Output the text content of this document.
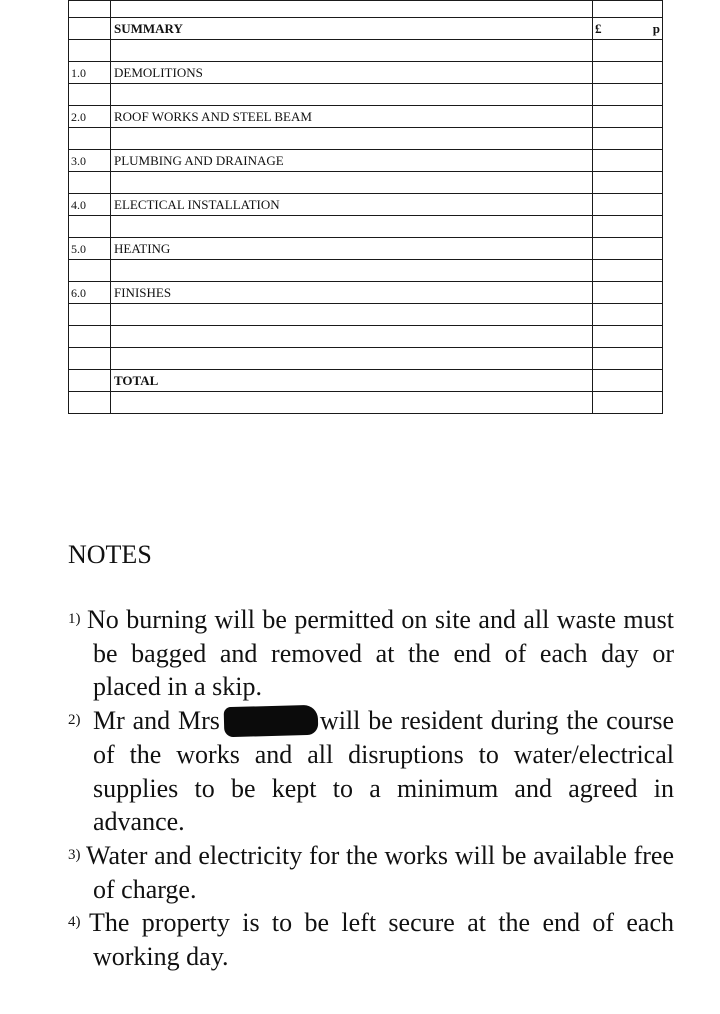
	SUMMARY	£ p

1.0	DEMOLITIONS	

2.0	ROOF WORKS AND STEEL BEAM	

3.0	PLUMBING AND DRAINAGE	

4.0	ELECTICAL INSTALLATION	

5.0	HEATING	

6.0	FINISHES	

	TOTAL	

NOTES
1) No burning will be permitted on site and all waste must be bagged and removed at the end of each day or placed in a skip.
2) Mr and Mrs	will be resident during the course of the works and all disruptions to water/electrical supplies to be kept to a minimum and agreed in advance.
3) Water and electricity for the works will be available free of charge.
4) The property is to be left secure at the end of each working day.
